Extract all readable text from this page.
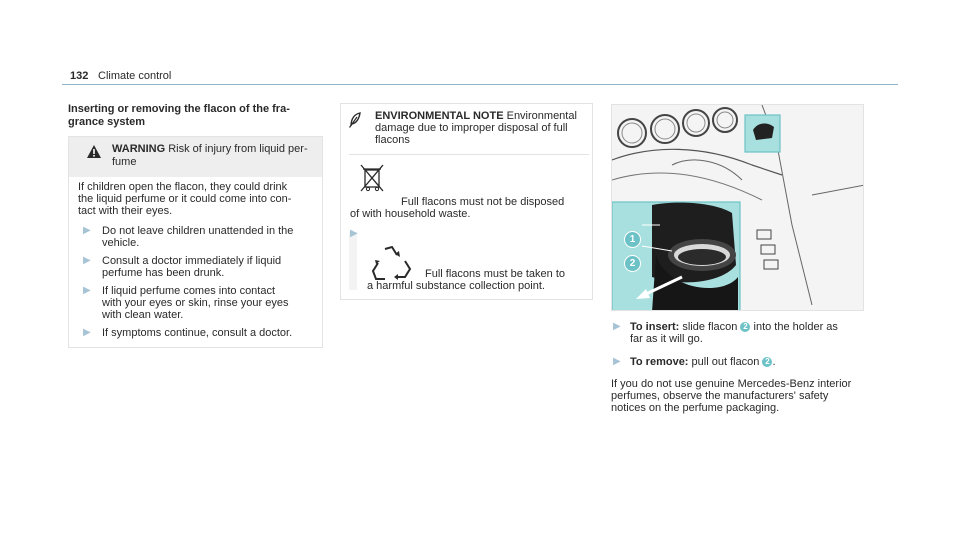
132 Climate control
Inserting or removing the flacon of the fra-
grance system
WARNING Risk of injury from liquid per-
fume
If children open the flacon, they could drink
the liquid perfume or it could come into con-
tact with their eyes.
▶ Do not leave children unattended in the
vehicle.
▶ Consult a doctor immediately if liquid
perfume has been drunk.
▶ If liquid perfume comes into contact
with your eyes or skin, rinse your eyes
with clean water.
▶ If symptoms continue, consult a doctor.
ENVIRONMENTAL NOTE Environmental
damage due to improper disposal of full
flacons
Full flacons must not be disposed
of with household waste.
▶
Full flacons must be taken to
a harmful substance collection point.
1
2
▶ To insert: slide flacon 2 into the holder as
far as it will go.
▶ To remove: pull out flacon 2 .
If you do not use genuine Mercedes-Benz interior
perfumes, observe the manufacturers' safety
notices on the perfume packaging.
